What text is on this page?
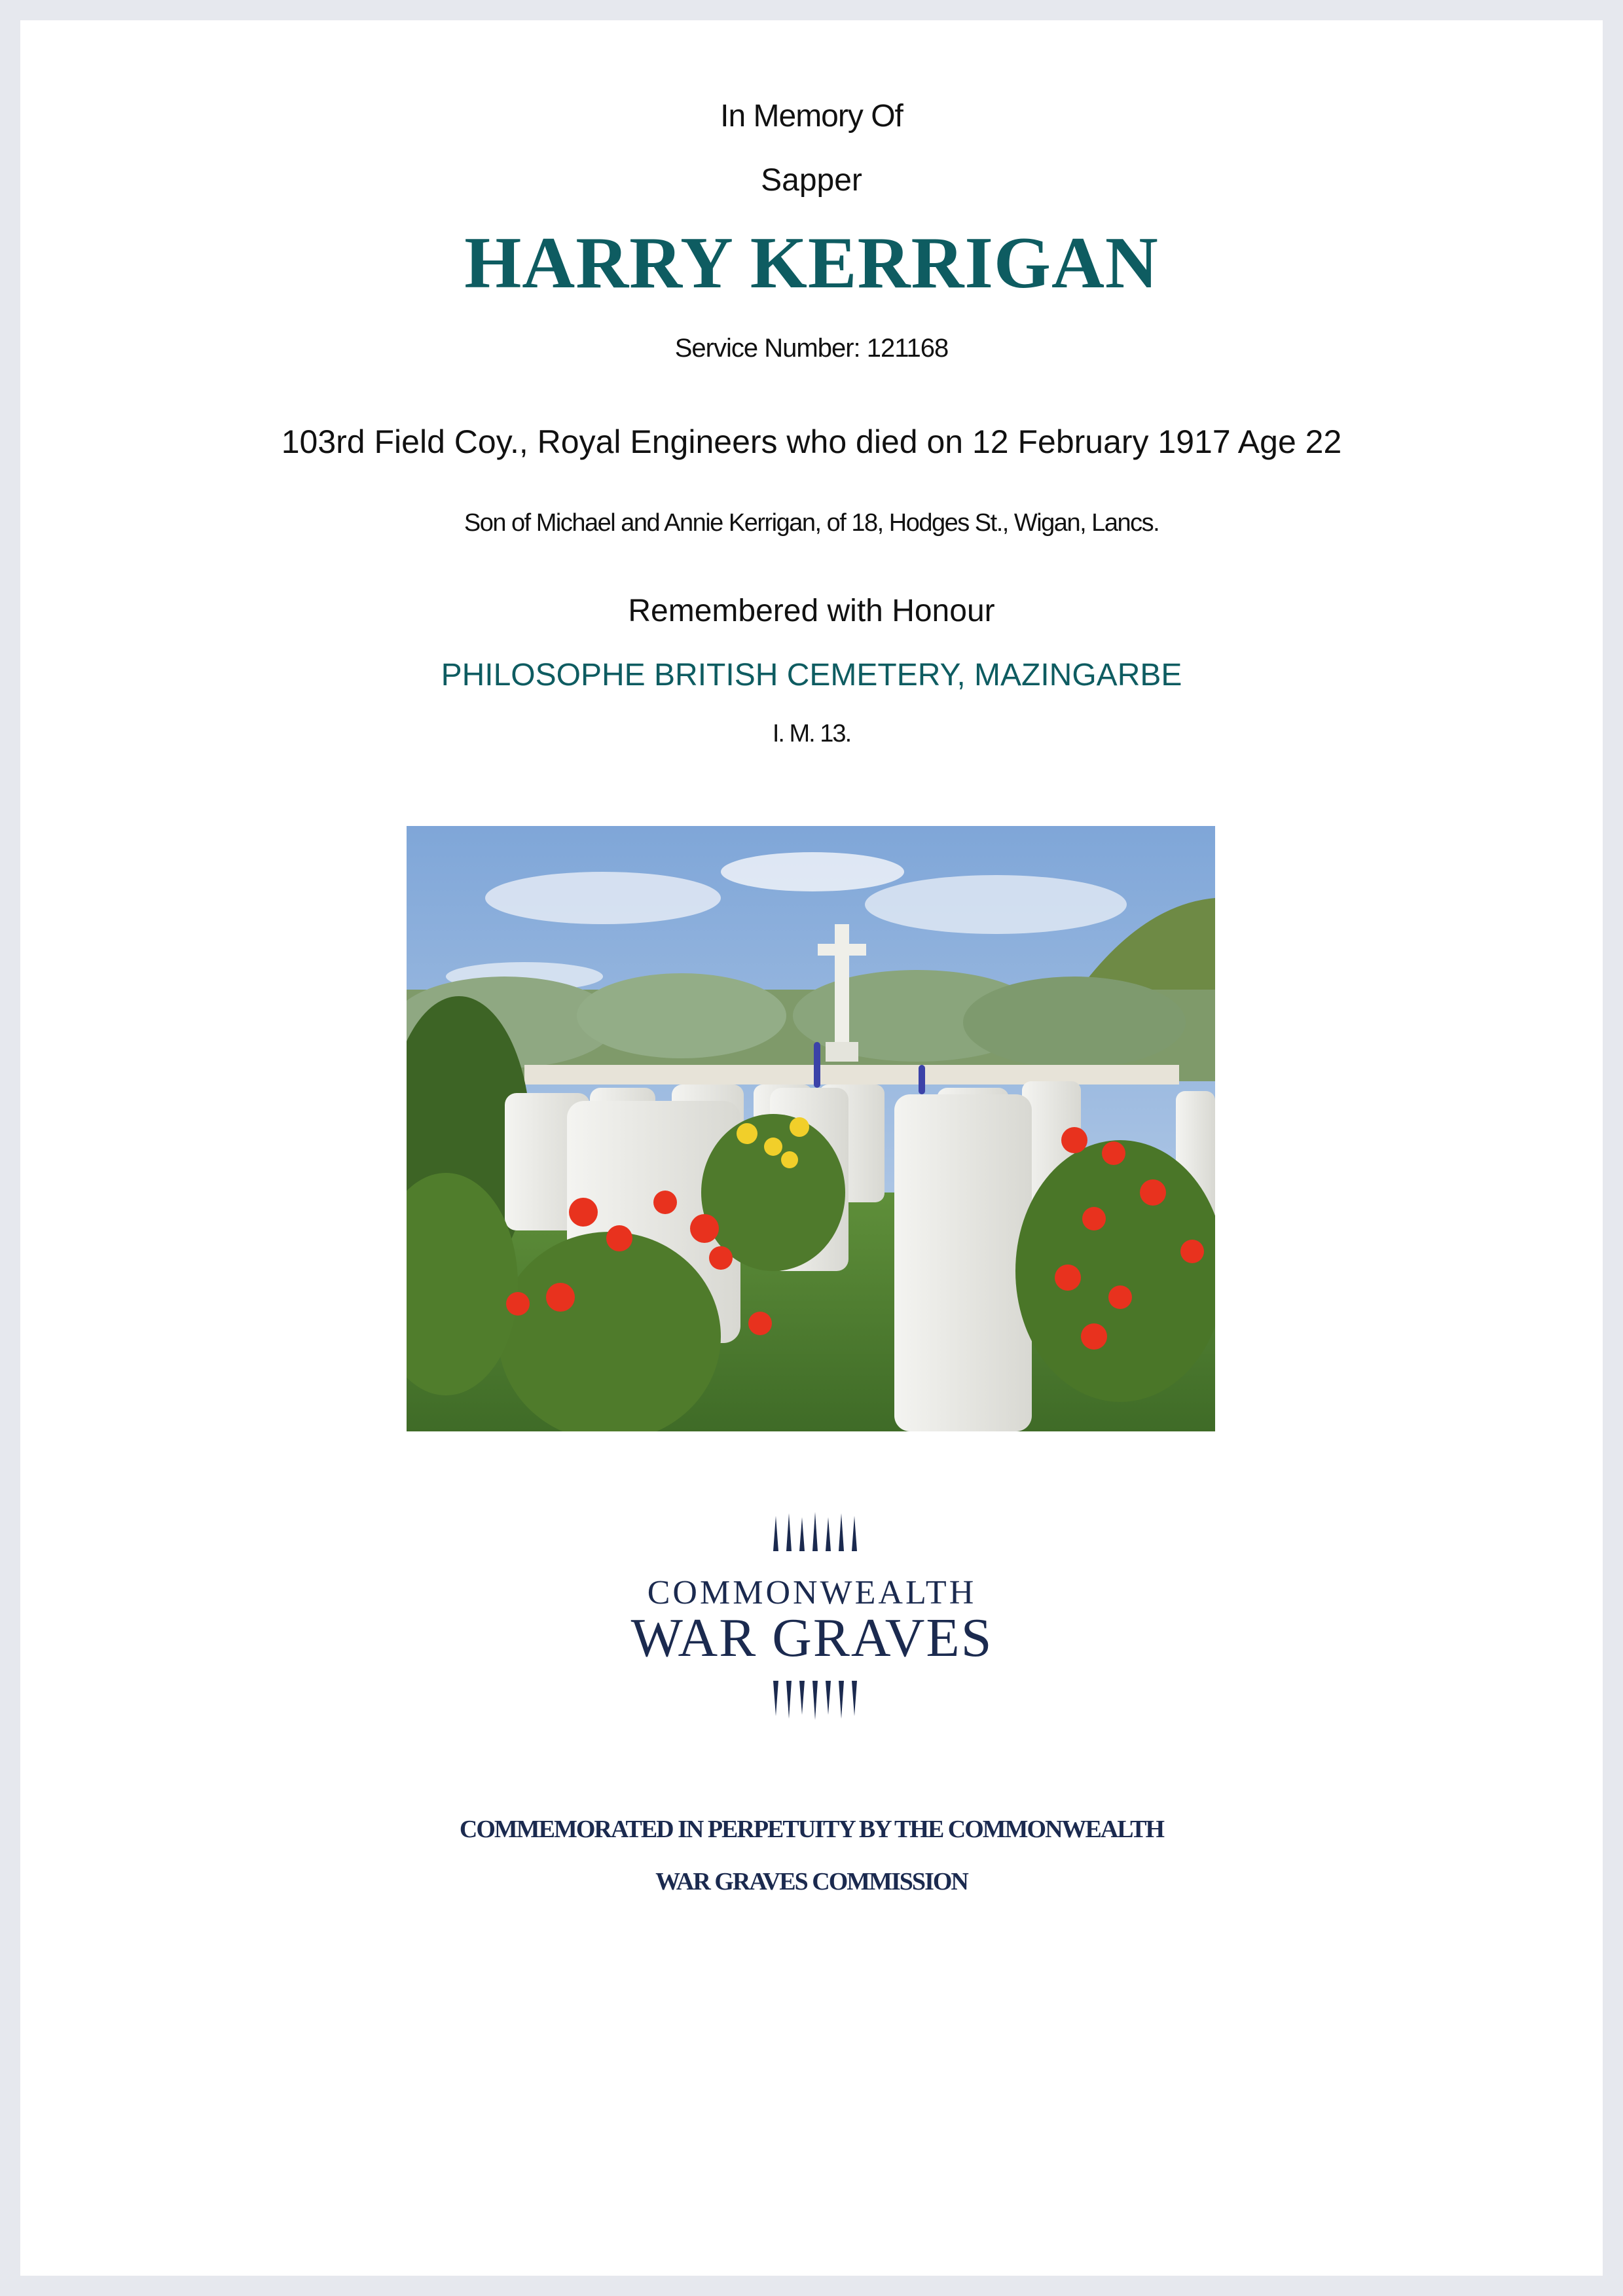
In Memory Of
Sapper
HARRY KERRIGAN
Service Number: 121168
103rd Field Coy., Royal Engineers who died on 12 February 1917 Age 22
Son of Michael and Annie Kerrigan, of 18, Hodges St., Wigan, Lancs.
Remembered with Honour
PHILOSOPHE BRITISH CEMETERY, MAZINGARBE
I. M. 13.
COMMONWEALTH
WAR GRAVES
COMMEMORATED IN PERPETUITY BY THE COMMONWEALTH
WAR GRAVES COMMISSION
